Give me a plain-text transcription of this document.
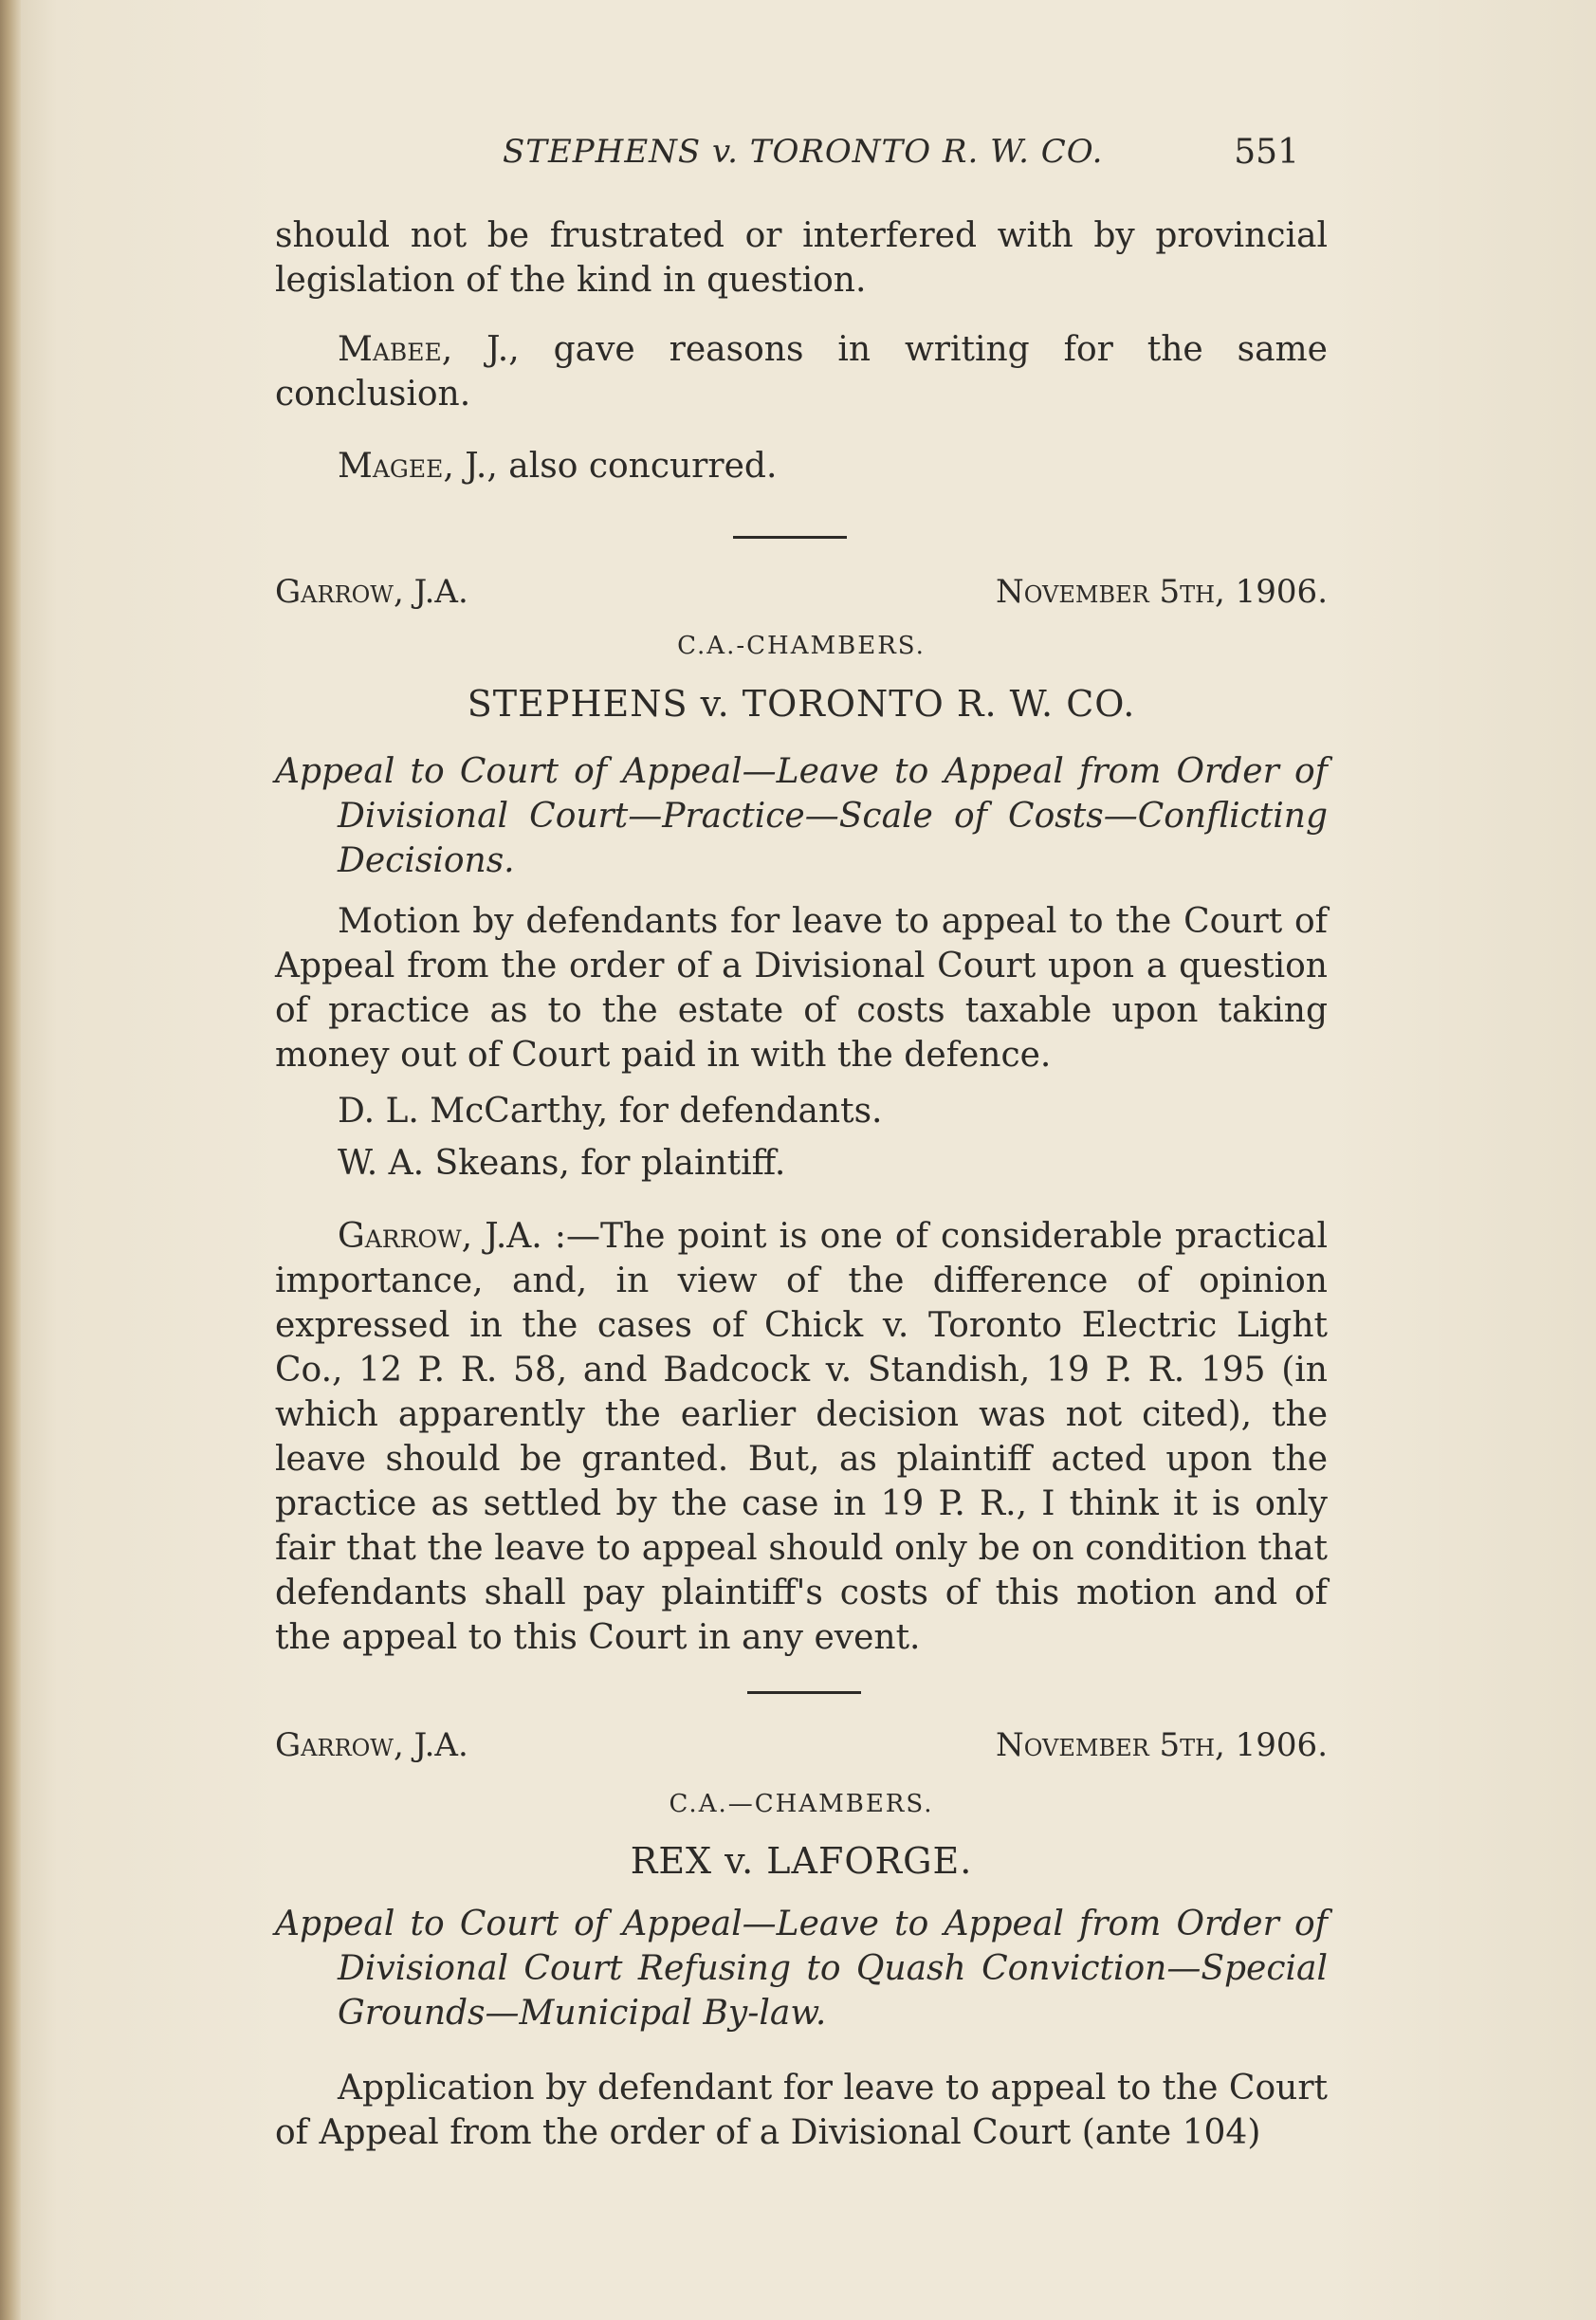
STEPHENS v. TORONTO R. W. CO.	551

should not be frustrated or interfered with by provincial legislation of the kind in question.

Mabee, J., gave reasons in writing for the same conclusion.

Magee, J., also concurred.

Garrow, J.A.	November 5th, 1906.
C.A.-CHAMBERS.
STEPHENS v. TORONTO R. W. CO.
Appeal to Court of Appeal—Leave to Appeal from Order of Divisional Court—Practice—Scale of Costs—Conflicting Decisions.

Motion by defendants for leave to appeal to the Court of Appeal from the order of a Divisional Court upon a question of practice as to the estate of costs taxable upon taking money out of Court paid in with the defence.

D. L. McCarthy, for defendants.

W. A. Skeans, for plaintiff.

Garrow, J.A. :—The point is one of considerable practical importance, and, in view of the difference of opinion expressed in the cases of Chick v. Toronto Electric Light Co., 12 P. R. 58, and Badcock v. Standish, 19 P. R. 195 (in which apparently the earlier decision was not cited), the leave should be granted. But, as plaintiff acted upon the practice as settled by the case in 19 P. R., I think it is only fair that the leave to appeal should only be on condition that defendants shall pay plaintiff's costs of this motion and of the appeal to this Court in any event.

Garrow, J.A.	November 5th, 1906.
C.A.—CHAMBERS.
REX v. LAFORGE.
Appeal to Court of Appeal—Leave to Appeal from Order of Divisional Court Refusing to Quash Conviction—Special Grounds—Municipal By-law.

Application by defendant for leave to appeal to the Court of Appeal from the order of a Divisional Court (ante 104)
